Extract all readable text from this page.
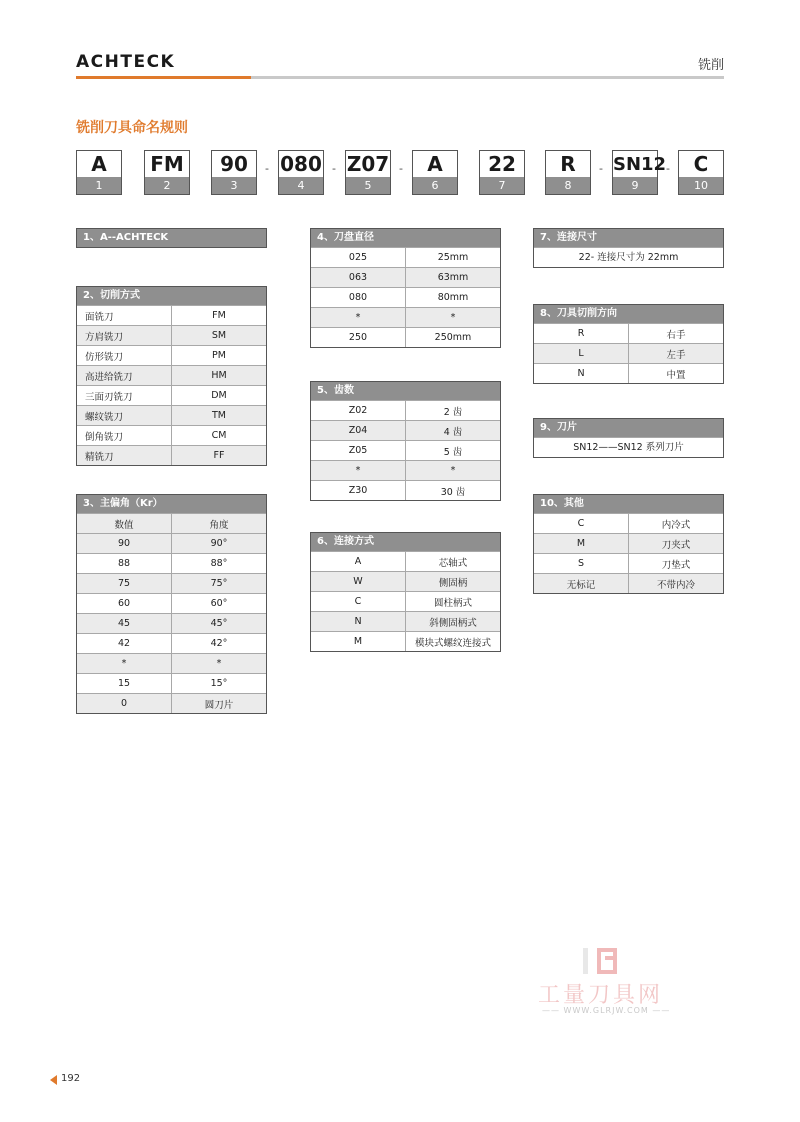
ACHTECK	铣削
铣削刀具命名规则
A
1
FM
2
90
3
- 080
4
- Z07
5
-	A
6
22
7
R
8
- SN12
9
-	C
10
1、A--ACHTECK
2、切削方式
面铣刀	FM
方肩铣刀	SM
仿形铣刀	PM
高进给铣刀	HM
三面刃铣刀	DM
螺纹铣刀	TM
倒角铣刀	CM
精铣刀	FF
3、主偏角（Kr）
数值	角度
90	90°
88	88°
75	75°
60	60°
45	45°
42	42°
*	*
15	15°
0	圆刀片
4、刀盘直径
025	25mm
063	63mm
080	80mm
*	*
250	250mm
5、齿数
Z02	2 齿
Z04	4 齿
Z05	5 齿
*	*
Z30	30 齿
6、连接方式
A	芯轴式
W	侧固柄
C	圆柱柄式
N	斜侧固柄式
M	模块式螺纹连接式
7、连接尺寸
22- 连接尺寸为 22mm
8、刀具切削方向
R	右手
L	左手
N	中置
9、刀片
SN12——SN12 系列刀片
10、其他
C	内冷式
M	刀夹式
S	刀垫式
无标记	不带内冷
工量刀具网
—— WWW.GLRJW.COM ——
192
